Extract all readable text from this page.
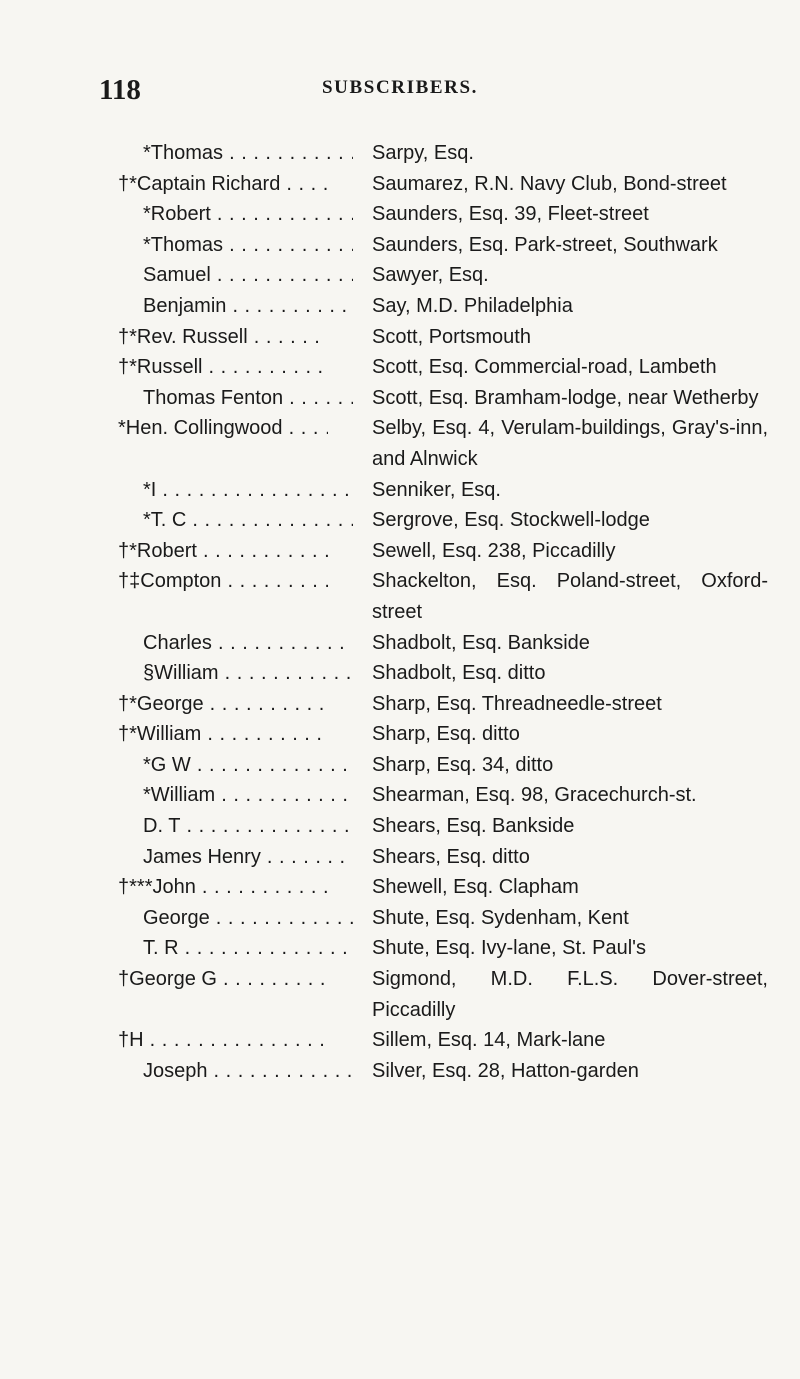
118	SUBSCRIBERS.
*Thomas . . .	Sarpy, Esq.
†*Captain Richard . . .	Saumarez, R.N. Navy Club, Bond-street
*Robert . . .	Saunders, Esq. 39, Fleet-street
*Thomas . . .	Saunders, Esq. Park-street, Southwark
Samuel . . .	Sawyer, Esq.
Benjamin . . .	Say, M.D. Philadelphia
†*Rev. Russell . . .	Scott, Portsmouth
†*Russell . . .	Scott, Esq. Commercial-road, Lambeth
Thomas Fenton . . .	Scott, Esq. Bramham-lodge, near Wetherby
*Hen. Collingwood . . .	Selby, Esq. 4, Verulam-buildings, Gray's-inn, and Alnwick
*I . . .	Senniker, Esq.
*T. C . . .	Sergrove, Esq. Stockwell-lodge
†*Robert . . .	Sewell, Esq. 238, Piccadilly
†‡Compton . . .	Shackelton, Esq. Poland-street, Oxford-street
Charles . . .	Shadbolt, Esq. Bankside
§William . . .	Shadbolt, Esq. ditto
†*George . . .	Sharp, Esq. Threadneedle-street
†*William . . .	Sharp, Esq. ditto
*G W . . .	Sharp, Esq. 34, ditto
*William . . .	Shearman, Esq. 98, Gracechurch-st.
D. T . . .	Shears, Esq. Bankside
James Henry . . .	Shears, Esq. ditto
†***John . . .	Shewell, Esq. Clapham
George . . .	Shute, Esq. Sydenham, Kent
T. R . . .	Shute, Esq. Ivy-lane, St. Paul's
†George G . . .	Sigmond, M.D. F.L.S. Dover-street, Piccadilly
†H . . .	Sillem, Esq. 14, Mark-lane
Joseph . . .	Silver, Esq. 28, Hatton-garden
